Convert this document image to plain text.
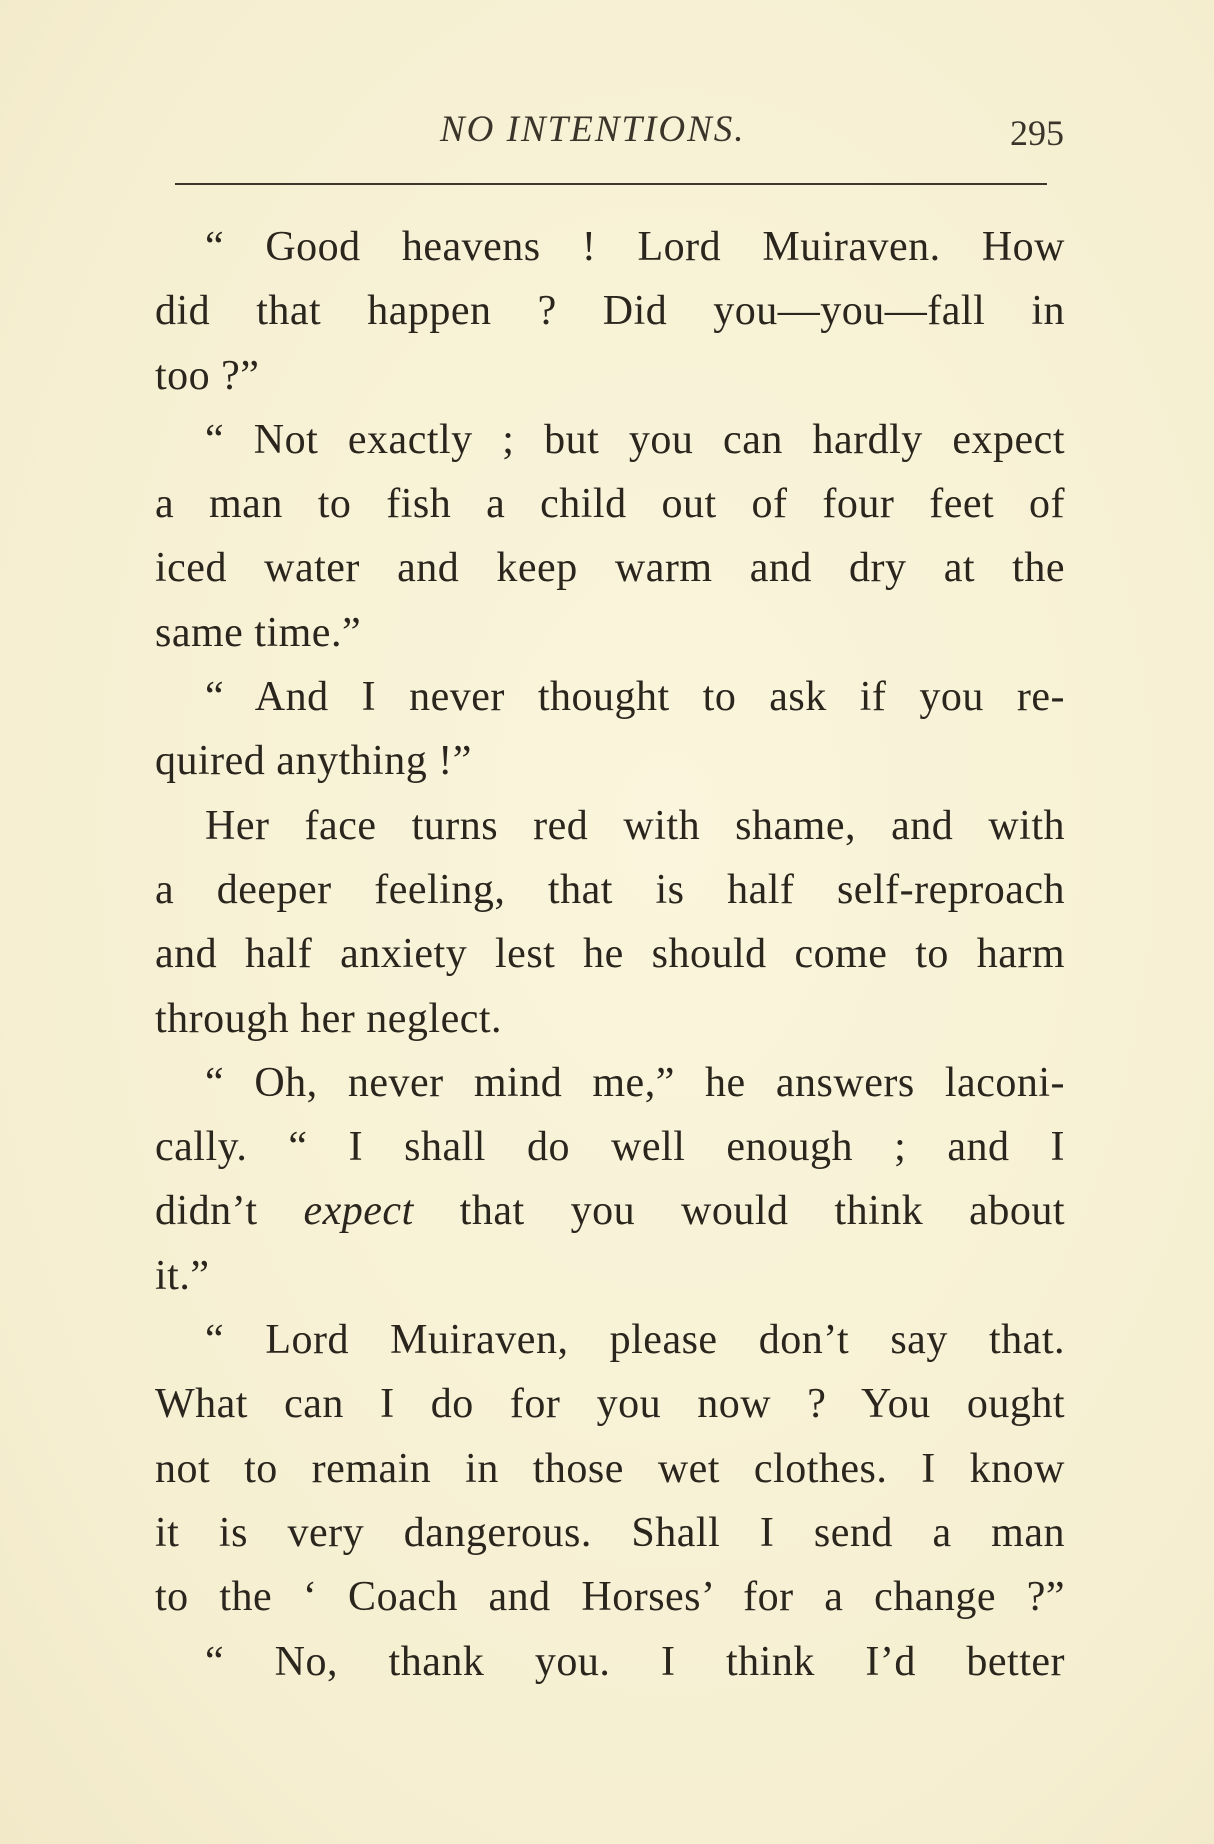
NO INTENTIONS.	295
“ Good heavens ! Lord Muiraven. How
did that happen ? Did you—you—fall in
too ?”
“ Not exactly ; but you can hardly expect
a man to fish a child out of four feet of
iced water and keep warm and dry at the
same time.”
“ And I never thought to ask if you re-
quired anything !”
Her face turns red with shame, and with
a deeper feeling, that is half self-reproach
and half anxiety lest he should come to harm
through her neglect.
“ Oh, never mind me,” he answers laconi-
cally. “ I shall do well enough ; and I
didn’t expect that you would think about
it.”
“ Lord Muiraven, please don’t say that.
What can I do for you now ? You ought
not to remain in those wet clothes. I know
it is very dangerous. Shall I send a man
to the ‘ Coach and Horses’ for a change ?”
“ No, thank you. I think I’d better
